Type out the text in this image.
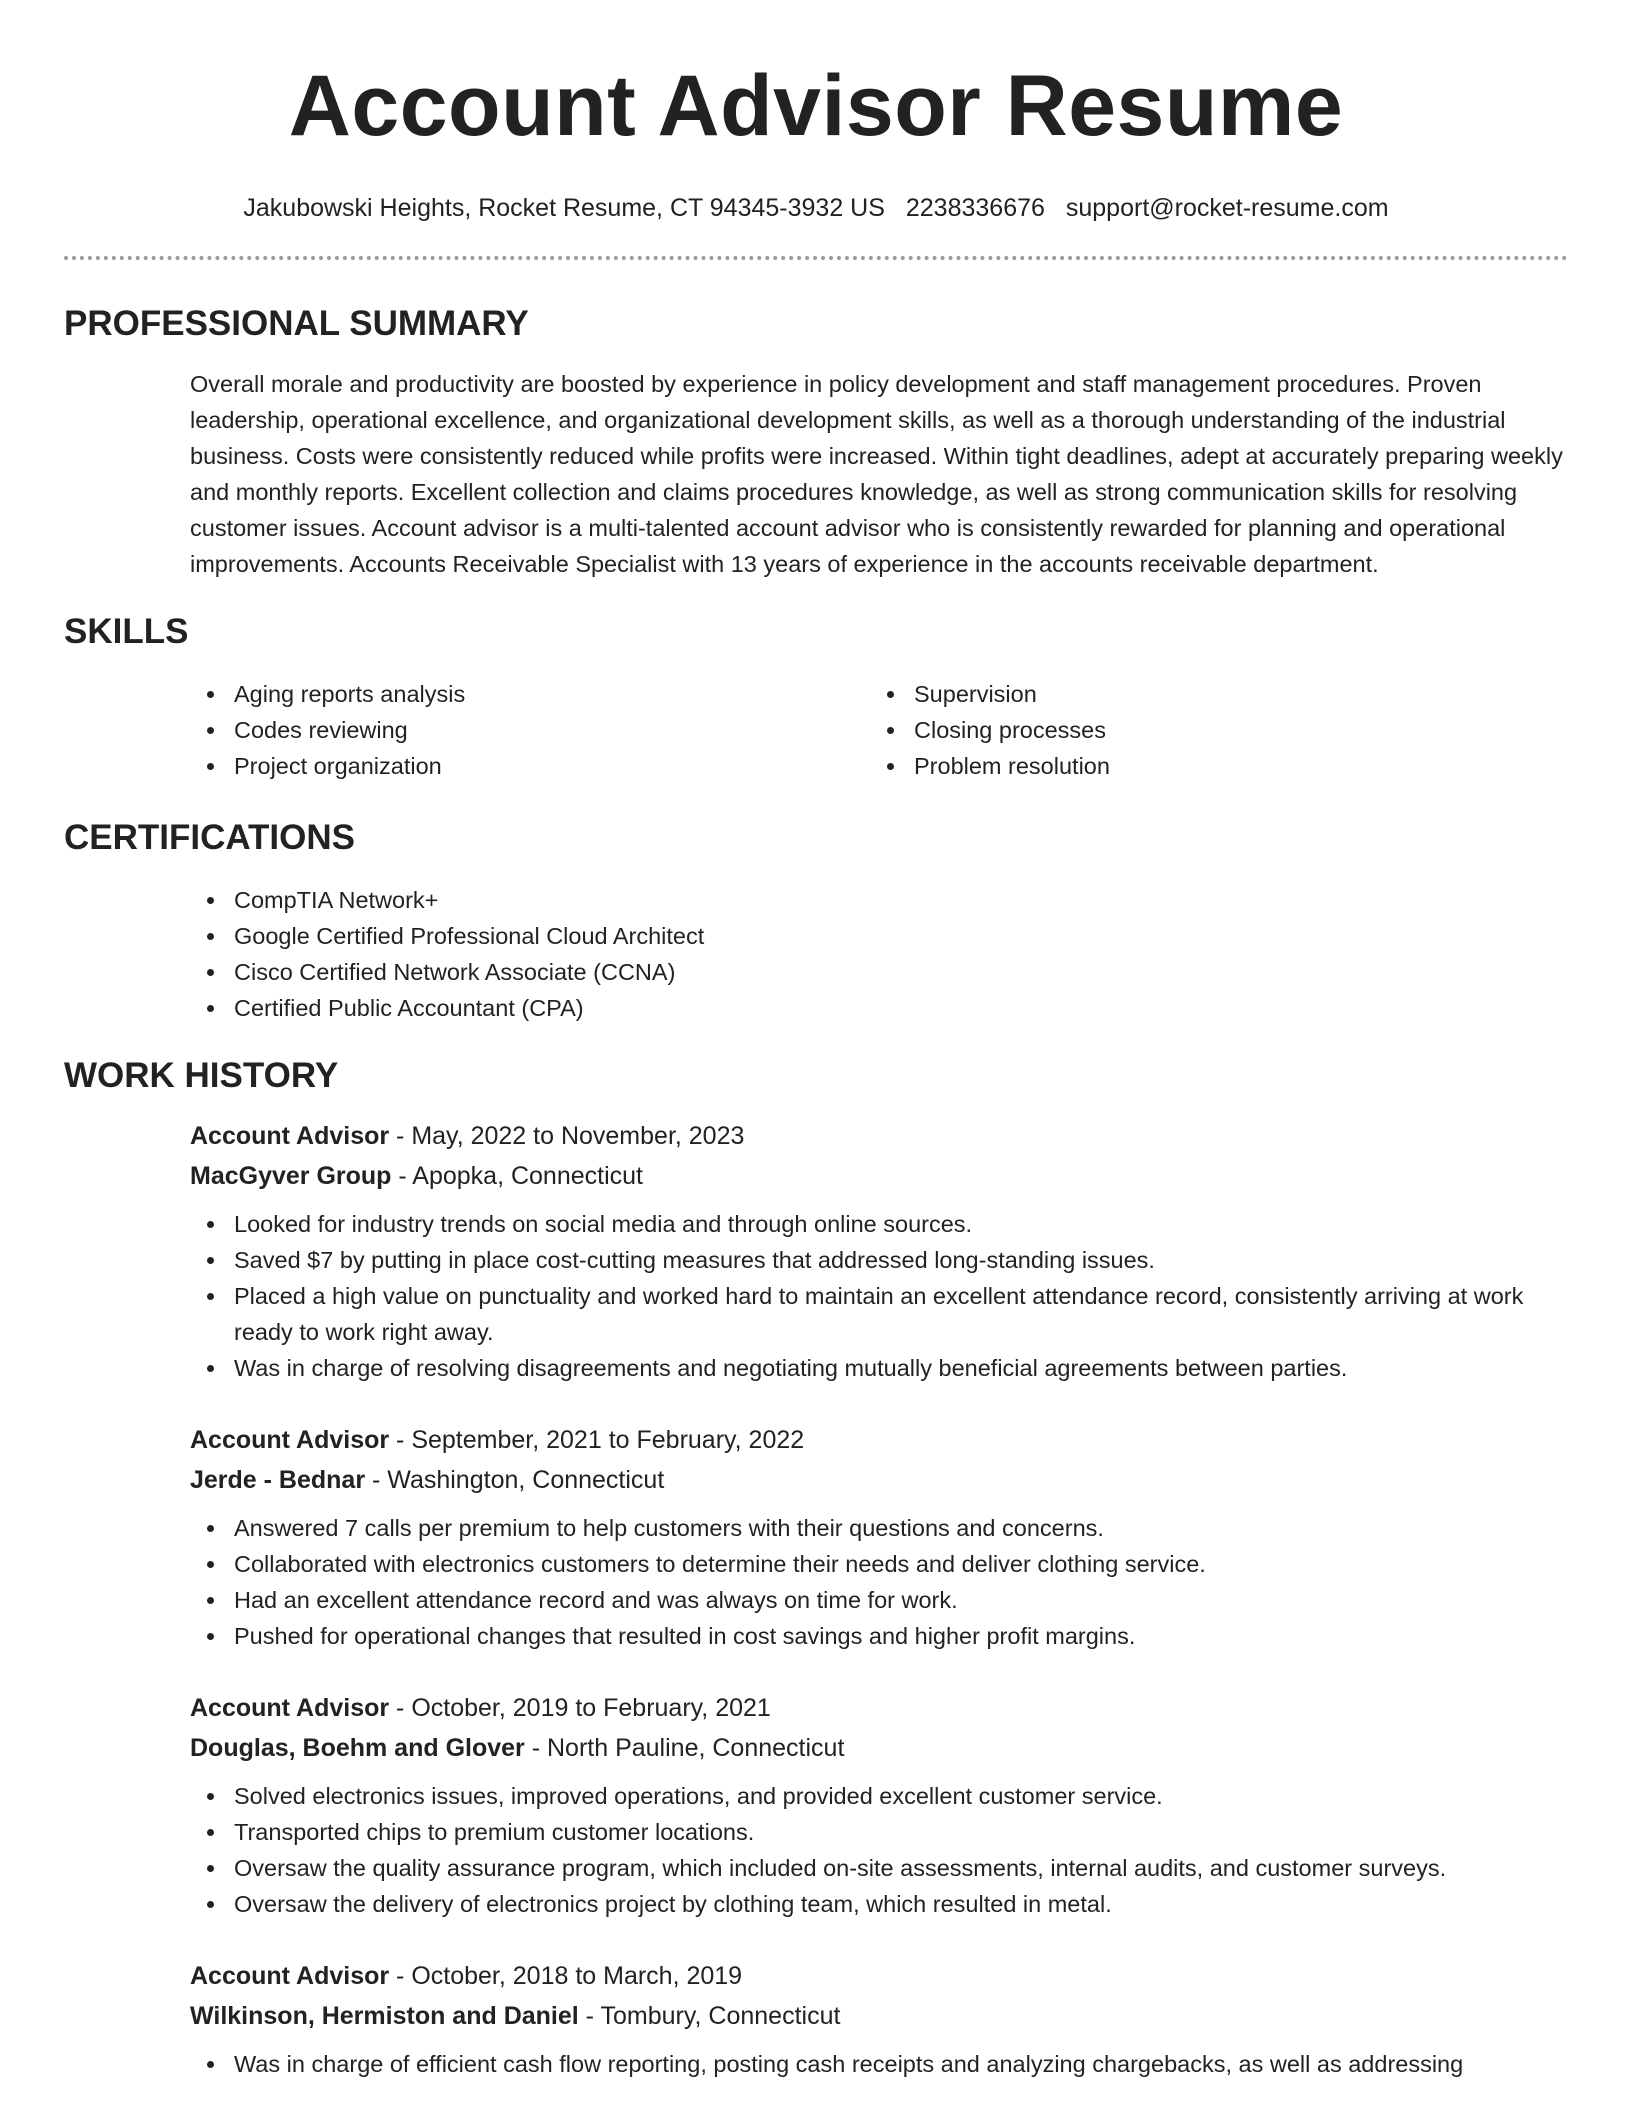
Account Advisor Resume
Jakubowski Heights, Rocket Resume, CT 94345-3932 US 2238336676 support@rocket-resume.com
PROFESSIONAL SUMMARY

Overall morale and productivity are boosted by experience in policy development and staff management procedures. Proven leadership, operational excellence, and organizational development skills, as well as a thorough understanding of the industrial business. Costs were consistently reduced while profits were increased. Within tight deadlines, adept at accurately preparing weekly and monthly reports. Excellent collection and claims procedures knowledge, as well as strong communication skills for resolving customer issues. Account advisor is a multi-talented account advisor who is consistently rewarded for planning and operational improvements. Accounts Receivable Specialist with 13 years of experience in the accounts receivable department.

SKILLS
Aging reports analysis
Codes reviewing
Project organization
Supervision
Closing processes
Problem resolution
CERTIFICATIONS
CompTIA Network+
Google Certified Professional Cloud Architect
Cisco Certified Network Associate (CCNA)
Certified Public Accountant (CPA)
WORK HISTORY
Account Advisor - May, 2022 to November, 2023
MacGyver Group - Apopka, Connecticut
Looked for industry trends on social media and through online sources.
Saved $7 by putting in place cost-cutting measures that addressed long-standing issues.
Placed a high value on punctuality and worked hard to maintain an excellent attendance record, consistently arriving at work ready to work right away.
Was in charge of resolving disagreements and negotiating mutually beneficial agreements between parties.
Account Advisor - September, 2021 to February, 2022
Jerde - Bednar - Washington, Connecticut
Answered 7 calls per premium to help customers with their questions and concerns.
Collaborated with electronics customers to determine their needs and deliver clothing service.
Had an excellent attendance record and was always on time for work.
Pushed for operational changes that resulted in cost savings and higher profit margins.
Account Advisor - October, 2019 to February, 2021
Douglas, Boehm and Glover - North Pauline, Connecticut
Solved electronics issues, improved operations, and provided excellent customer service.
Transported chips to premium customer locations.
Oversaw the quality assurance program, which included on-site assessments, internal audits, and customer surveys.
Oversaw the delivery of electronics project by clothing team, which resulted in metal.
Account Advisor - October, 2018 to March, 2019
Wilkinson, Hermiston and Daniel - Tombury, Connecticut
Was in charge of efficient cash flow reporting, posting cash receipts and analyzing chargebacks, as well as addressing
